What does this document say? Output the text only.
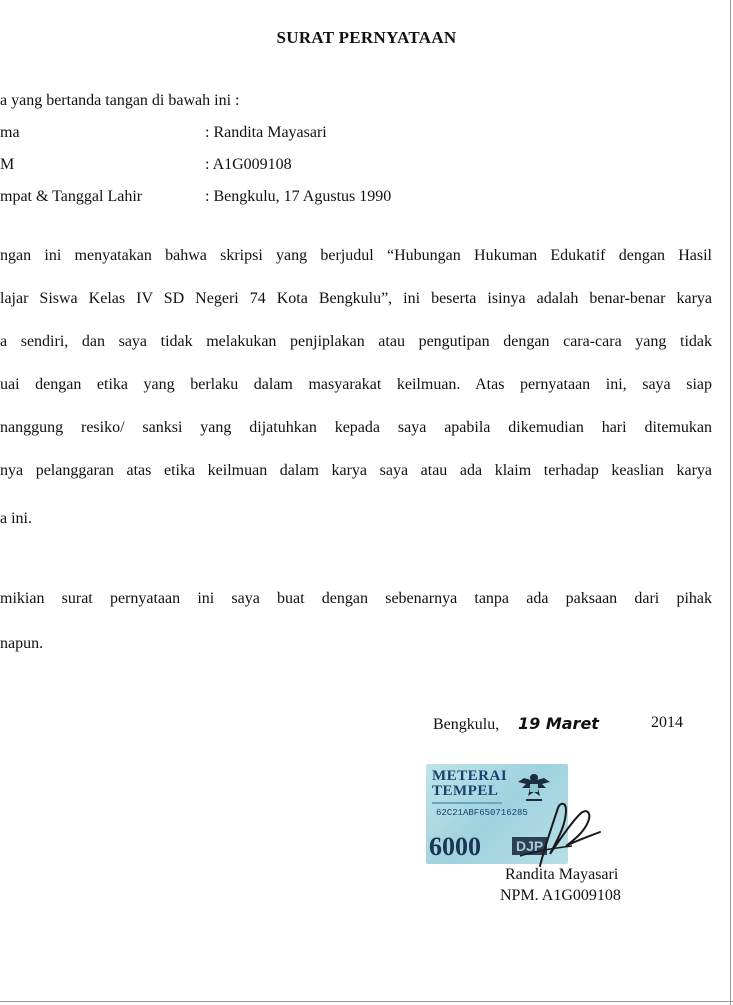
SURAT PERNYATAAN
a yang bertanda tangan di bawah ini :
ma	: Randita Mayasari
M	: A1G009108
mpat & Tanggal Lahir	: Bengkulu, 17 Agustus 1990
ngan ini menyatakan bahwa skripsi yang berjudul “Hubungan Hukuman Edukatif dengan Hasil
lajar Siswa Kelas IV SD Negeri 74 Kota Bengkulu”, ini beserta isinya adalah benar-benar karya
a sendiri, dan saya tidak melakukan penjiplakan atau pengutipan dengan cara-cara yang tidak
uai dengan etika yang berlaku dalam masyarakat keilmuan. Atas pernyataan ini, saya siap
nanggung resiko/ sanksi yang dijatuhkan kepada saya apabila dikemudian hari ditemukan
nya pelanggaran atas etika keilmuan dalam karya saya atau ada klaim terhadap keaslian karya
a ini.
mikian surat pernyataan ini saya buat dengan sebenarnya tanpa ada paksaan dari pihak
napun.
Bengkulu, 19 Maret	2014
METERAI
TEMPEL
62C21ABF650716285
6000	DJP
Randita Mayasari
NPM. A1G009108
